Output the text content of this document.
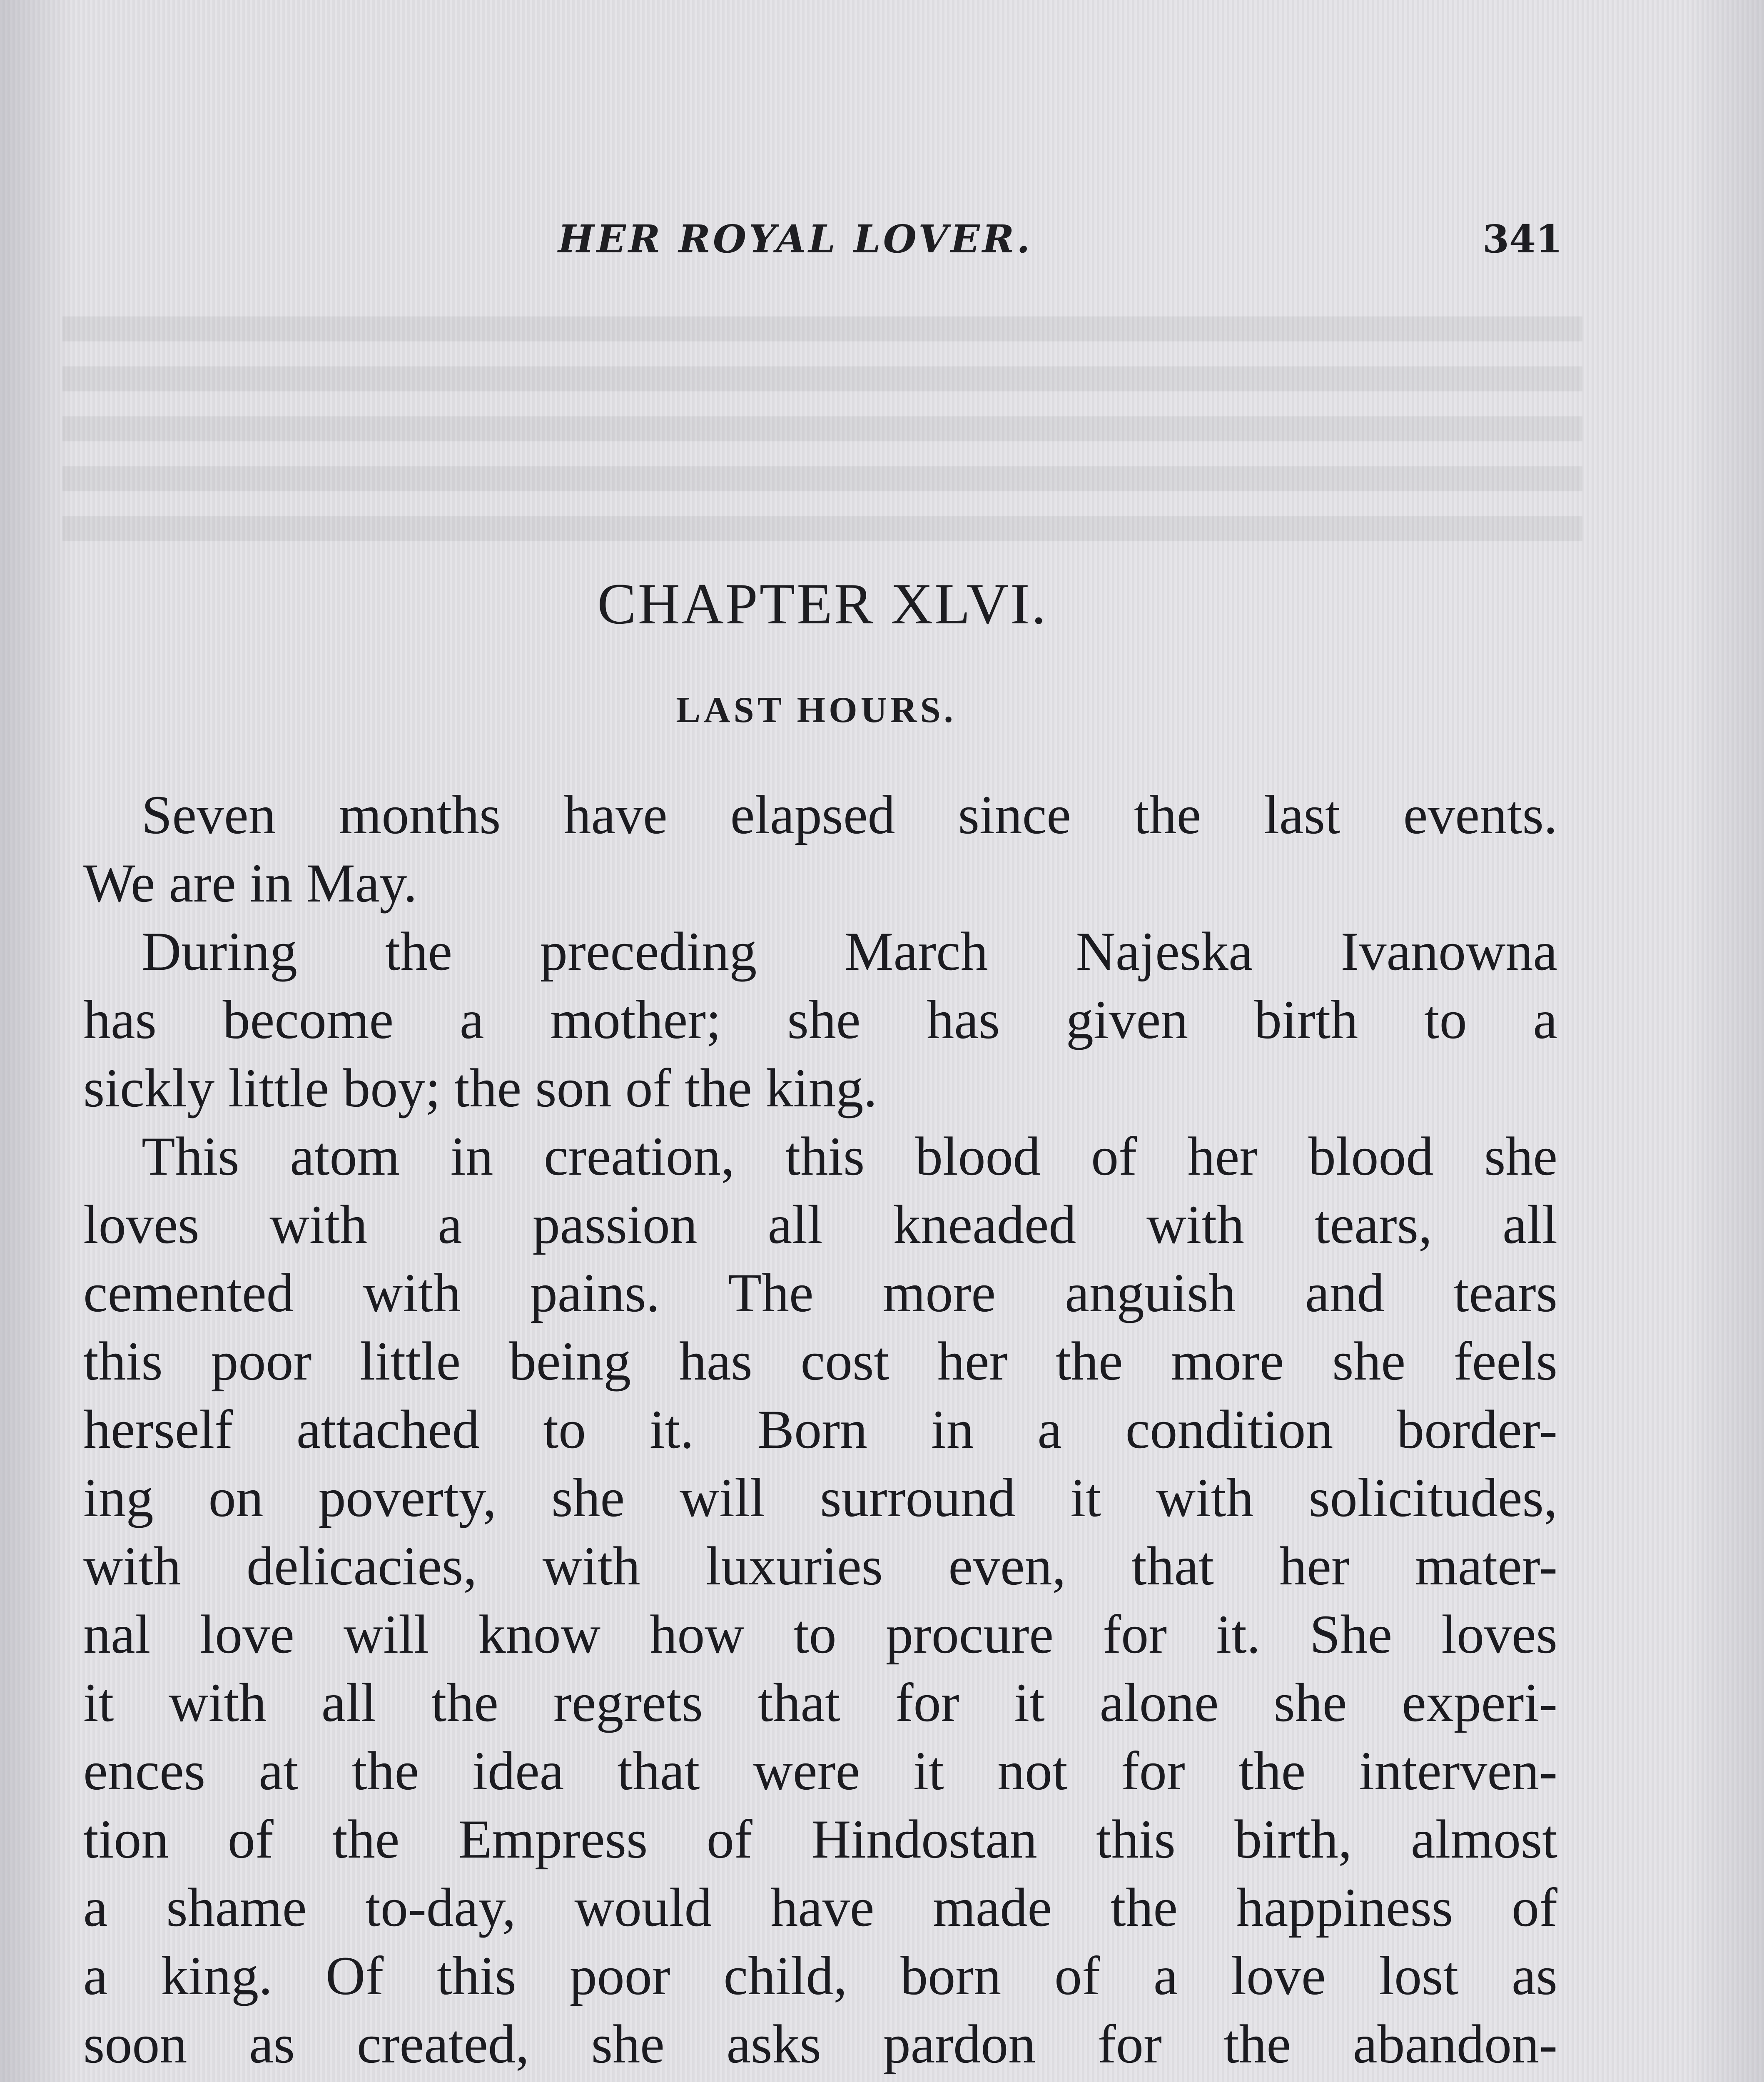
HER ROYAL LOVER.	341
CHAPTER XLVI.
LAST HOURS.
Seven months have elapsed since the last events.
We are in May.
During the preceding March Najeska Ivanowna
has become a mother; she has given birth to a
sickly little boy; the son of the king.
This atom in creation, this blood of her blood she
loves with a passion all kneaded with tears, all
cemented with pains. The more anguish and tears
this poor little being has cost her the more she feels
herself attached to it. Born in a condition border-
ing on poverty, she will surround it with solicitudes,
with delicacies, with luxuries even, that her mater-
nal love will know how to procure for it. She loves
it with all the regrets that for it alone she experi-
ences at the idea that were it not for the interven-
tion of the Empress of Hindostan this birth, almost
a shame to-day, would have made the happiness of
a king. Of this poor child, born of a love lost as
soon as created, she asks pardon for the abandon-
